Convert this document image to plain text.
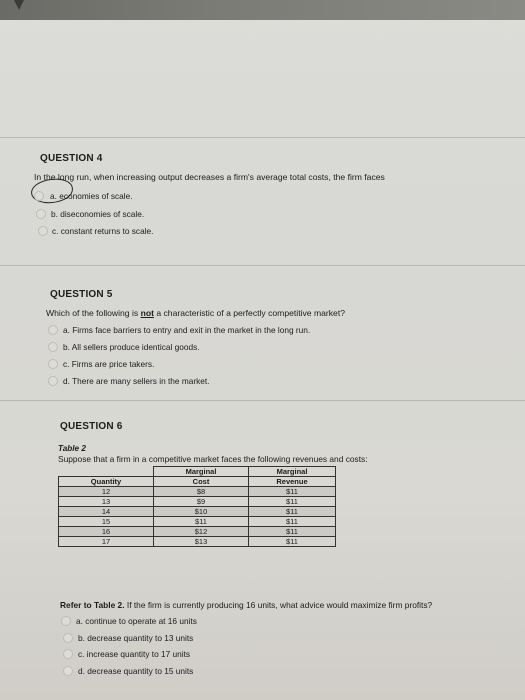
QUESTION 4
In the long run, when increasing output decreases a firm's average total costs, the firm faces
a. economies of scale.
b. diseconomies of scale.
c. constant returns to scale.
QUESTION 5
Which of the following is not a characteristic of a perfectly competitive market?
a. Firms face barriers to entry and exit in the market in the long run.
b. All sellers produce identical goods.
c. Firms are price takers.
d. There are many sellers in the market.
QUESTION 6
Table 2
Suppose that a firm in a competitive market faces the following revenues and costs:
	Marginal	Marginal
Quantity	Cost	Revenue
12	$8	$11
13	$9	$11
14	$10	$11
15	$11	$11
16	$12	$11
17	$13	$11
Refer to Table 2. If the firm is currently producing 16 units, what advice would maximize firm profits?
a. continue to operate at 16 units
b. decrease quantity to 13 units
c. increase quantity to 17 units
d. decrease quantity to 15 units
